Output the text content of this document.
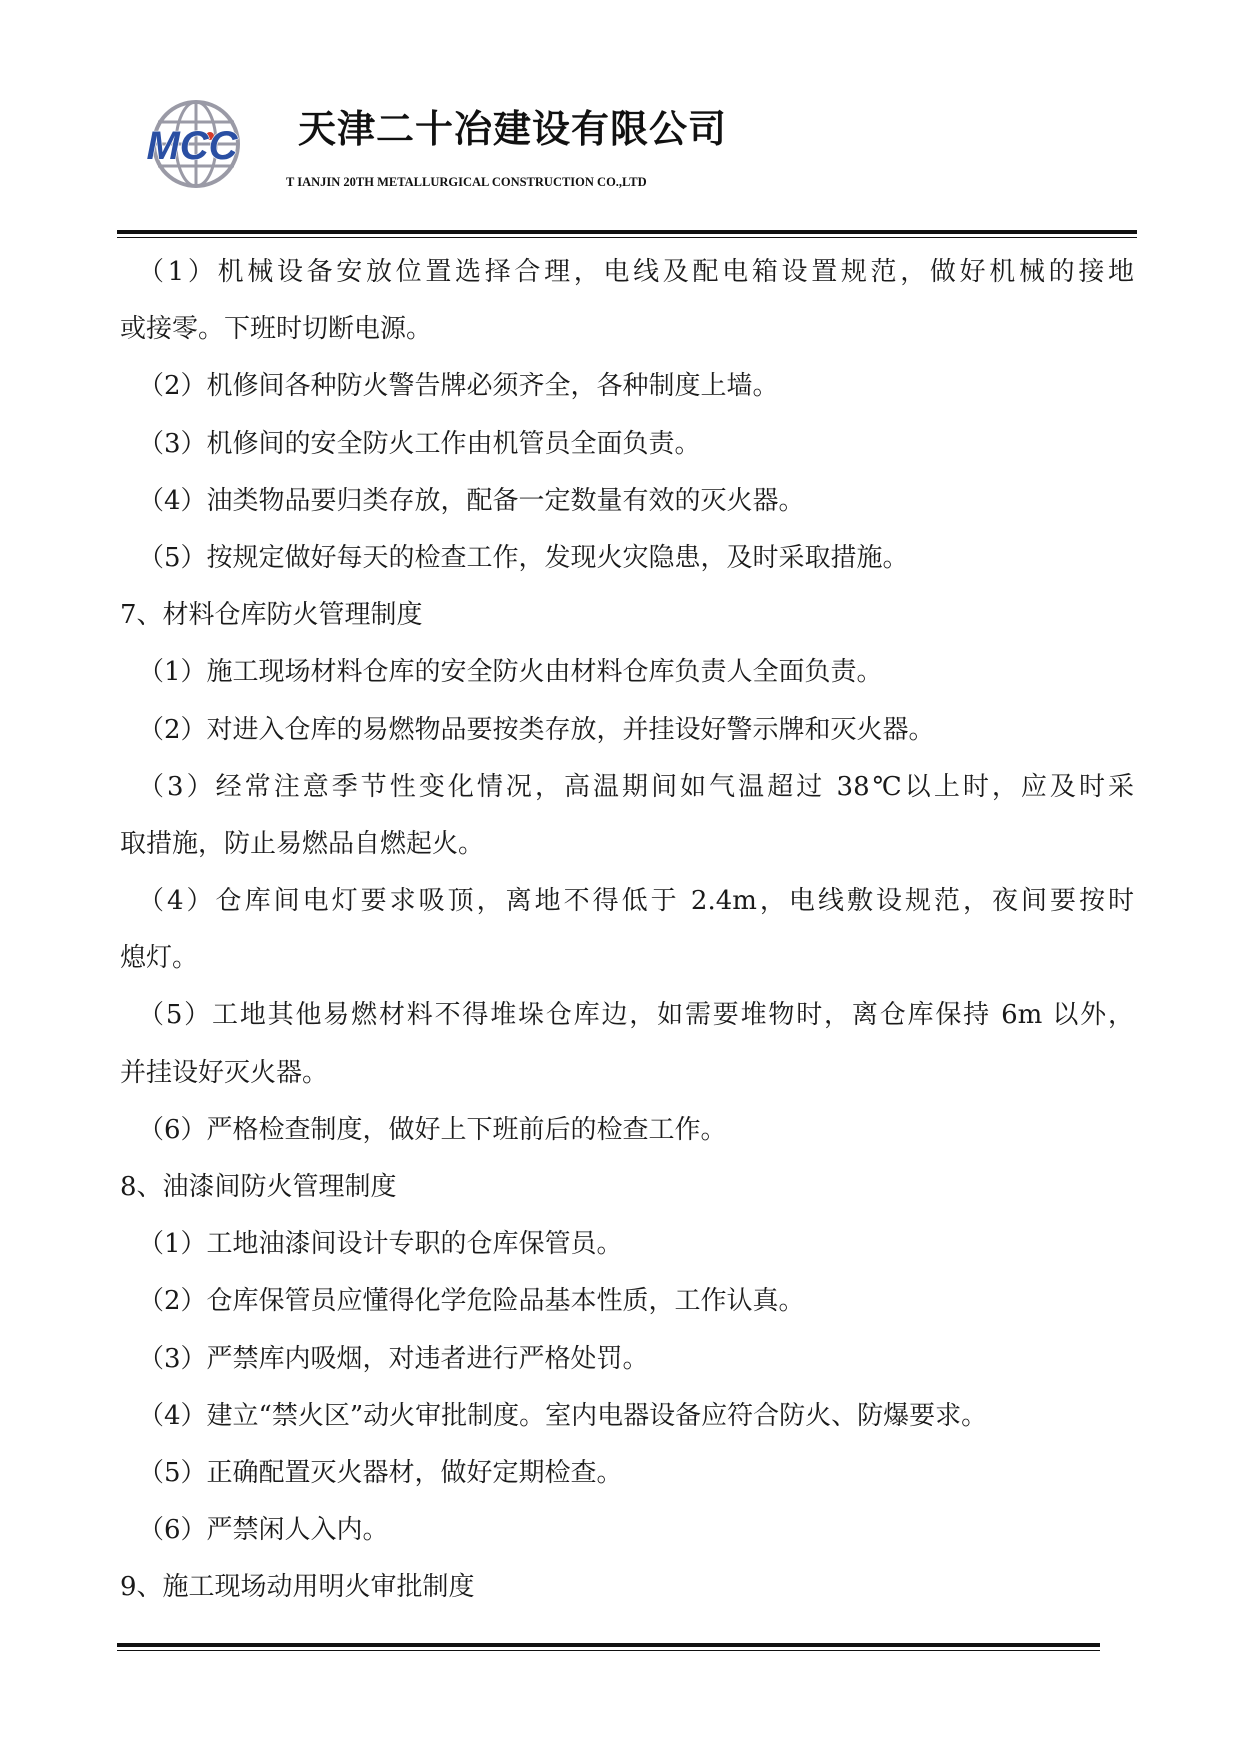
MCC 天津二十冶建设有限公司
T IANJIN 20TH METALLURGICAL CONSTRUCTION CO.,LTD
（1）机械设备安放位置选择合理，电线及配电箱设置规范，做好机械的接地
或接零。下班时切断电源。
（2）机修间各种防火警告牌必须齐全，各种制度上墙。
（3）机修间的安全防火工作由机管员全面负责。
（4）油类物品要归类存放，配备一定数量有效的灭火器。
（5）按规定做好每天的检查工作，发现火灾隐患，及时采取措施。
7、材料仓库防火管理制度
（1）施工现场材料仓库的安全防火由材料仓库负责人全面负责。
（2）对进入仓库的易燃物品要按类存放，并挂设好警示牌和灭火器。
（3）经常注意季节性变化情况，高温期间如气温超过 38℃以上时，应及时采
取措施，防止易燃品自燃起火。
（4）仓库间电灯要求吸顶，离地不得低于 2.4m，电线敷设规范，夜间要按时
熄灯。
（5）工地其他易燃材料不得堆垛仓库边，如需要堆物时，离仓库保持 6m 以外，
并挂设好灭火器。
（6）严格检查制度，做好上下班前后的检查工作。
8、油漆间防火管理制度
（1）工地油漆间设计专职的仓库保管员。
（2）仓库保管员应懂得化学危险品基本性质，工作认真。
（3）严禁库内吸烟，对违者进行严格处罚。
（4）建立“禁火区”动火审批制度。室内电器设备应符合防火、防爆要求。
（5）正确配置灭火器材，做好定期检查。
（6）严禁闲人入内。
9、施工现场动用明火审批制度
